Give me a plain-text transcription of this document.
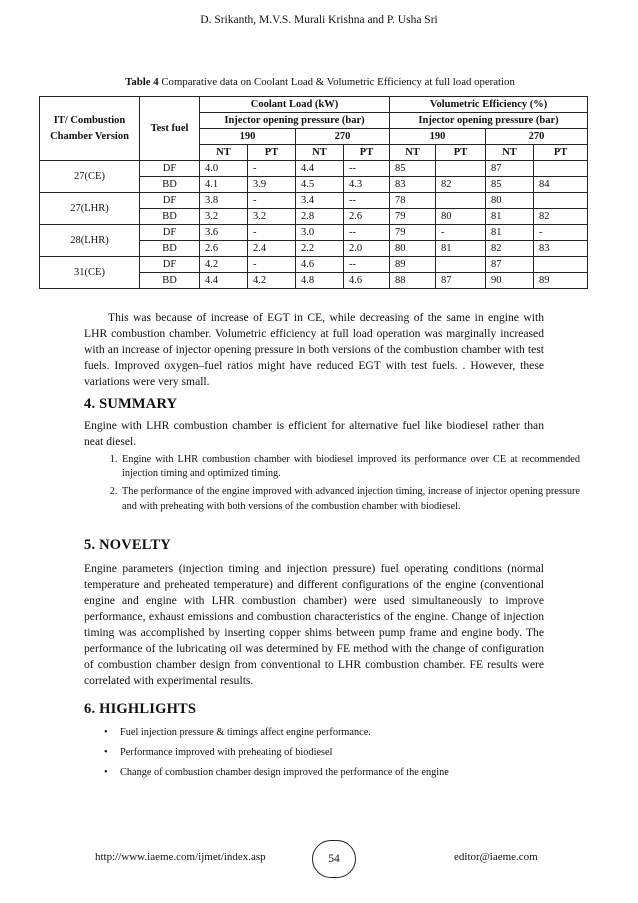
D. Srikanth, M.V.S. Murali Krishna and P. Usha Sri
Table 4 Comparative data on Coolant Load & Volumetric Efficiency at full load operation
IT/ Combustion Chamber Version	Test fuel	Coolant Load (kW)				Volumetric Efficiency (%)			
		Injector opening pressure (bar)				Injector opening pressure (bar)			
		190		270		190		270	
		NT	PT	NT	PT	NT	PT	NT	PT
27(CE)	DF	4.0	-	4.4	--	85		87	
	BD	4.1	3.9	4.5	4.3	83	82	85	84
27(LHR)	DF	3.8	-	3.4	--	78		80	
	BD	3.2	3.2	2.8	2.6	79	80	81	82
28(LHR)	DF	3.6	-	3.0	--	79	-	81	-
	BD	2.6	2.4	2.2	2.0	80	81	82	83
31(CE)	DF	4.2	-	4.6	--	89		87	
	BD	4.4	4.2	4.8	4.6	88	87	90	89

This was because of increase of EGT in CE, while decreasing of the same in engine with LHR combustion chamber. Volumetric efficiency at full load operation was marginally increased with an increase of injector opening pressure in both versions of the combustion chamber with test fuels. Improved oxygen–fuel ratios might have reduced EGT with test fuels. . However, these variations were very small.

4. SUMMARY

Engine with LHR combustion chamber is efficient for alternative fuel like biodiesel rather than neat diesel.

1. Engine with LHR combustion chamber with biodiesel improved its performance over CE at recommended injection timing and optimized timing.
2. The performance of the engine improved with advanced injection timing, increase of injector opening pressure and with preheating with both versions of the combustion chamber with biodiesel.
5. NOVELTY

Engine parameters (injection timing and injection pressure) fuel operating conditions (normal temperature and preheated temperature) and different configurations of the engine (conventional engine and engine with LHR combustion chamber) were used simultaneously to improve performance, exhaust emissions and combustion characteristics of the engine. Change of injection timing was accomplished by inserting copper shims between pump frame and engine body. The performance of the lubricating oil was determined by FE method with the change of configuration of combustion chamber design from conventional to LHR combustion chamber. FE results were correlated with experimental results.

6. HIGHLIGHTS
• Fuel injection pressure & timings affect engine performance.
• Performance improved with preheating of biodiesel
• Change of combustion chamber design improved the performance of the engine
http://www.iaeme.com/ijmet/index.asp	54	editor@iaeme.com
